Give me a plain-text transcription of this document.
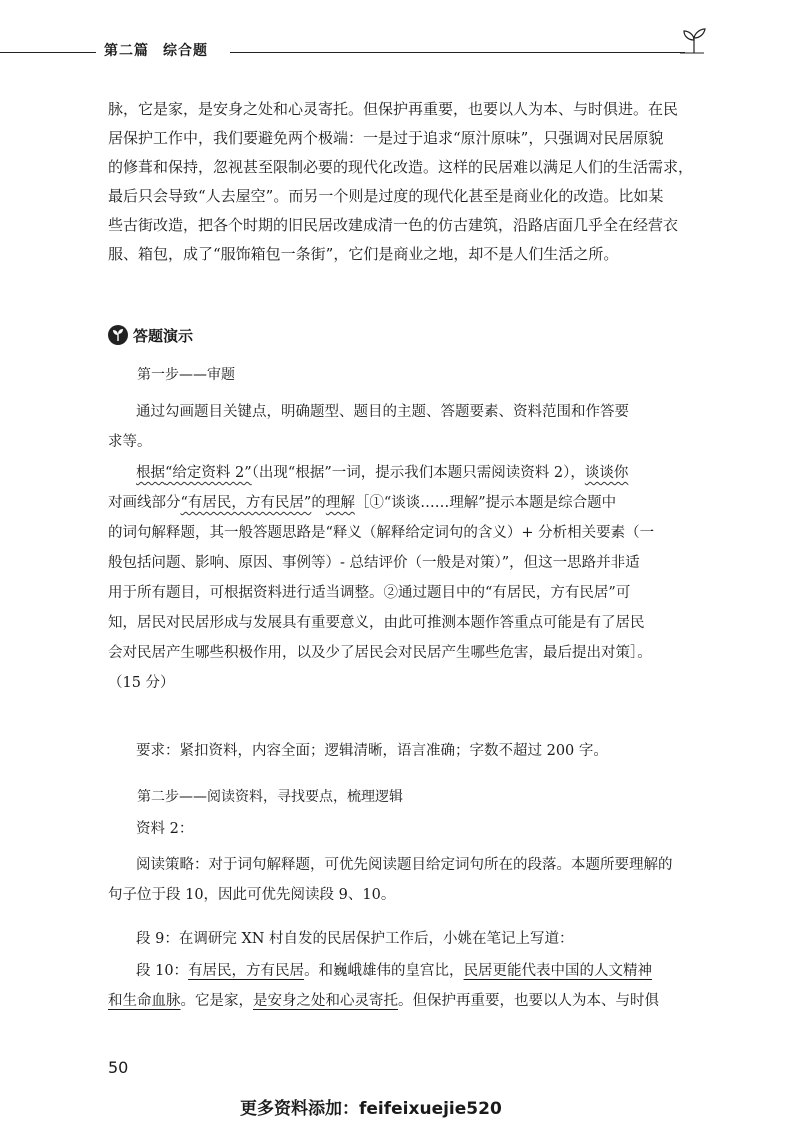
第二篇 综合题
脉，它是家，是安身之处和心灵寄托。但保护再重要，也要以人为本、与时俱进。在民
居保护工作中，我们要避免两个极端：一是过于追求“原汁原味”，只强调对民居原貌
的修葺和保持，忽视甚至限制必要的现代化改造。这样的民居难以满足人们的生活需求，
最后只会导致“人去屋空”。而另一个则是过度的现代化甚至是商业化的改造。比如某
些古街改造，把各个时期的旧民居改建成清一色的仿古建筑，沿路店面几乎全在经营衣
服、箱包，成了“服饰箱包一条街”，它们是商业之地，却不是人们生活之所。
答题演示
第一步——审题
通过勾画题目关键点，明确题型、题目的主题、答题要素、资料范围和作答要
求等。
根据“给定资料 2”（出现“根据”一词，提示我们本题只需阅读资料 2），谈谈你
对画线部分“有居民，方有民居”的理解［①“谈谈……理解”提示本题是综合题中
的词句解释题，其一般答题思路是“释义（解释给定词句的含义）+ 分析相关要素（一
般包括问题、影响、原因、事例等）- 总结评价（一般是对策）”，但这一思路并非适
用于所有题目，可根据资料进行适当调整。②通过题目中的“有居民，方有民居”可
知，居民对民居形成与发展具有重要意义，由此可推测本题作答重点可能是有了居民
会对民居产生哪些积极作用，以及少了居民会对民居产生哪些危害，最后提出对策］。
（15 分）
要求：紧扣资料，内容全面；逻辑清晰，语言准确；字数不超过 200 字。
第二步——阅读资料，寻找要点，梳理逻辑
资料 2：
阅读策略：对于词句解释题，可优先阅读题目给定词句所在的段落。本题所要理解的
句子位于段 10，因此可优先阅读段 9、10。
段 9：在调研完 XN 村自发的民居保护工作后，小姚在笔记上写道：
段 10：有居民，方有民居。和巍峨雄伟的皇宫比，民居更能代表中国的人文精神
和生命血脉。它是家，是安身之处和心灵寄托。但保护再重要，也要以人为本、与时俱
50
更多资料添加：feifeixuejie520
